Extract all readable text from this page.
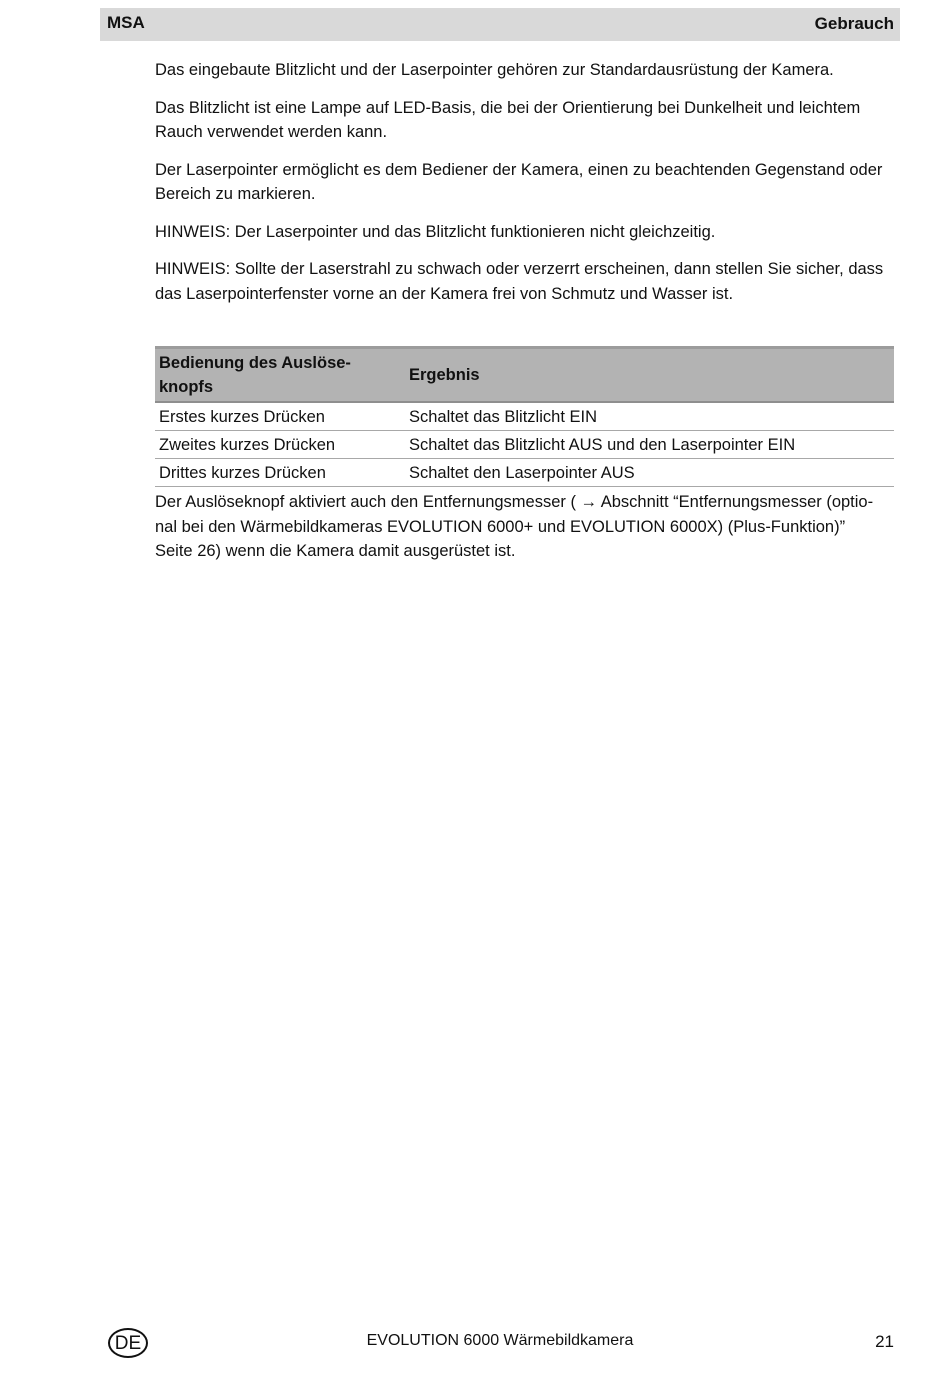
MSA	Gebrauch

Das eingebaute Blitzlicht und der Laserpointer gehören zur Standardausrüstung der Kamera.

Das Blitzlicht ist eine Lampe auf LED-Basis, die bei der Orientierung bei Dunkelheit und leichtem Rauch verwendet werden kann.

Der Laserpointer ermöglicht es dem Bediener der Kamera, einen zu beachtenden Gegenstand oder Bereich zu markieren.

HINWEIS: Der Laserpointer und das Blitzlicht funktionieren nicht gleichzeitig.

HINWEIS: Sollte der Laserstrahl zu schwach oder verzerrt erscheinen, dann stellen Sie sicher, dass das Laserpointerfenster vorne an der Kamera frei von Schmutz und Wasser ist.

Bedienung des Auslöse-
knopfs	Ergebnis
Erstes kurzes Drücken	Schaltet das Blitzlicht EIN
Zweites kurzes Drücken	Schaltet das Blitzlicht AUS und den Laserpointer EIN
Drittes kurzes Drücken	Schaltet den Laserpointer AUS

Der Auslöseknopf aktiviert auch den Entfernungsmesser ( → Abschnitt “Entfernungsmesser (optio-
nal bei den Wärmebildkameras EVOLUTION 6000+ und EVOLUTION 6000X) (Plus-Funktion)”
Seite 26) wenn die Kamera damit ausgerüstet ist.

DE	EVOLUTION 6000 Wärmebildkamera	21
